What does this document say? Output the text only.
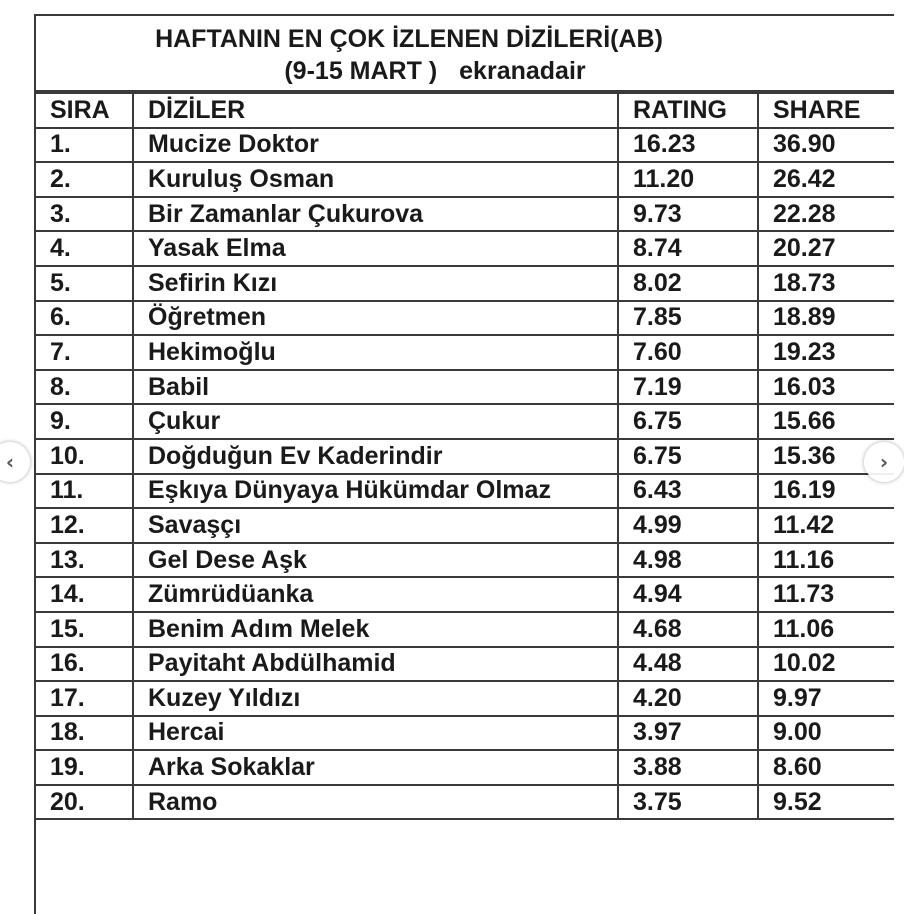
HAFTANIN EN ÇOK İZLENEN DİZİLERİ(AB)
(9-15 MART ) ekranadair
SIRA	DİZİLER	RATING	SHARE
1.	Mucize Doktor	16.23	36.90
2.	Kuruluş Osman	11.20	26.42
3.	Bir Zamanlar Çukurova	9.73	22.28
4.	Yasak Elma	8.74	20.27
5.	Sefirin Kızı	8.02	18.73
6.	Öğretmen	7.85	18.89
7.	Hekimoğlu	7.60	19.23
8.	Babil	7.19	16.03
9.	Çukur	6.75	15.66
10.	Doğduğun Ev Kaderindir	6.75	15.36
11.	Eşkıya Dünyaya Hükümdar Olmaz	6.43	16.19
12.	Savaşçı	4.99	11.42
13.	Gel Dese Aşk	4.98	11.16
14.	Zümrüdüanka	4.94	11.73
15.	Benim Adım Melek	4.68	11.06
16.	Payitaht Abdülhamid	4.48	10.02
17.	Kuzey Yıldızı	4.20	9.97
18.	Hercai	3.97	9.00
19.	Arka Sokaklar	3.88	8.60
20.	Ramo	3.75	9.52
‹	›
